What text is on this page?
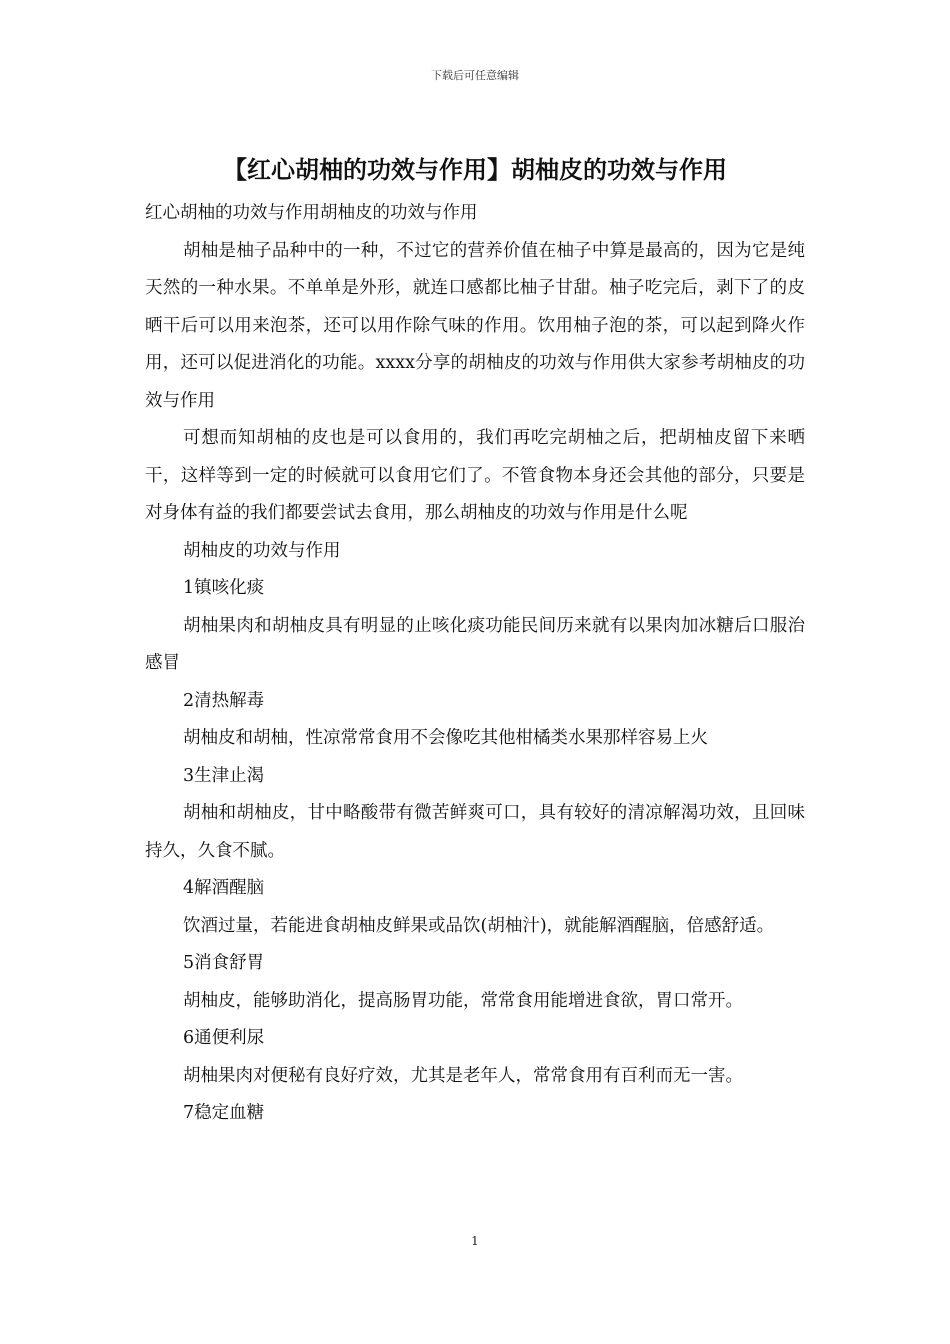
下载后可任意编辑
【红心胡柚的功效与作用】胡柚皮的功效与作用

红心胡柚的功效与作用胡柚皮的功效与作用

胡柚是柚子品种中的一种，不过它的营养价值在柚子中算是最高的，因为它是纯天然的一种水果。不单单是外形，就连口感都比柚子甘甜。柚子吃完后，剥下了的皮晒干后可以用来泡茶，还可以用作除气味的作用。饮用柚子泡的茶，可以起到降火作用，还可以促进消化的功能。xxxx分享的胡柚皮的功效与作用供大家参考胡柚皮的功效与作用

可想而知胡柚的皮也是可以食用的，我们再吃完胡柚之后，把胡柚皮留下来晒干，这样等到一定的时候就可以食用它们了。不管食物本身还会其他的部分，只要是对身体有益的我们都要尝试去食用，那么胡柚皮的功效与作用是什么呢

胡柚皮的功效与作用

1镇咳化痰

胡柚果肉和胡柚皮具有明显的止咳化痰功能民间历来就有以果肉加冰糖后口服治感冒

2清热解毒

胡柚皮和胡柚，性凉常常食用不会像吃其他柑橘类水果那样容易上火

3生津止渴

胡柚和胡柚皮，甘中略酸带有微苦鲜爽可口，具有较好的清凉解渴功效，且回味持久，久食不腻。

4解酒醒脑

饮酒过量，若能进食胡柚皮鲜果或品饮(胡柚汁)，就能解酒醒脑，倍感舒适。

5消食舒胃

胡柚皮，能够助消化，提高肠胃功能，常常食用能增进食欲，胃口常开。

6通便利尿

胡柚果肉对便秘有良好疗效，尤其是老年人，常常食用有百利而无一害。

7稳定血糖

1
